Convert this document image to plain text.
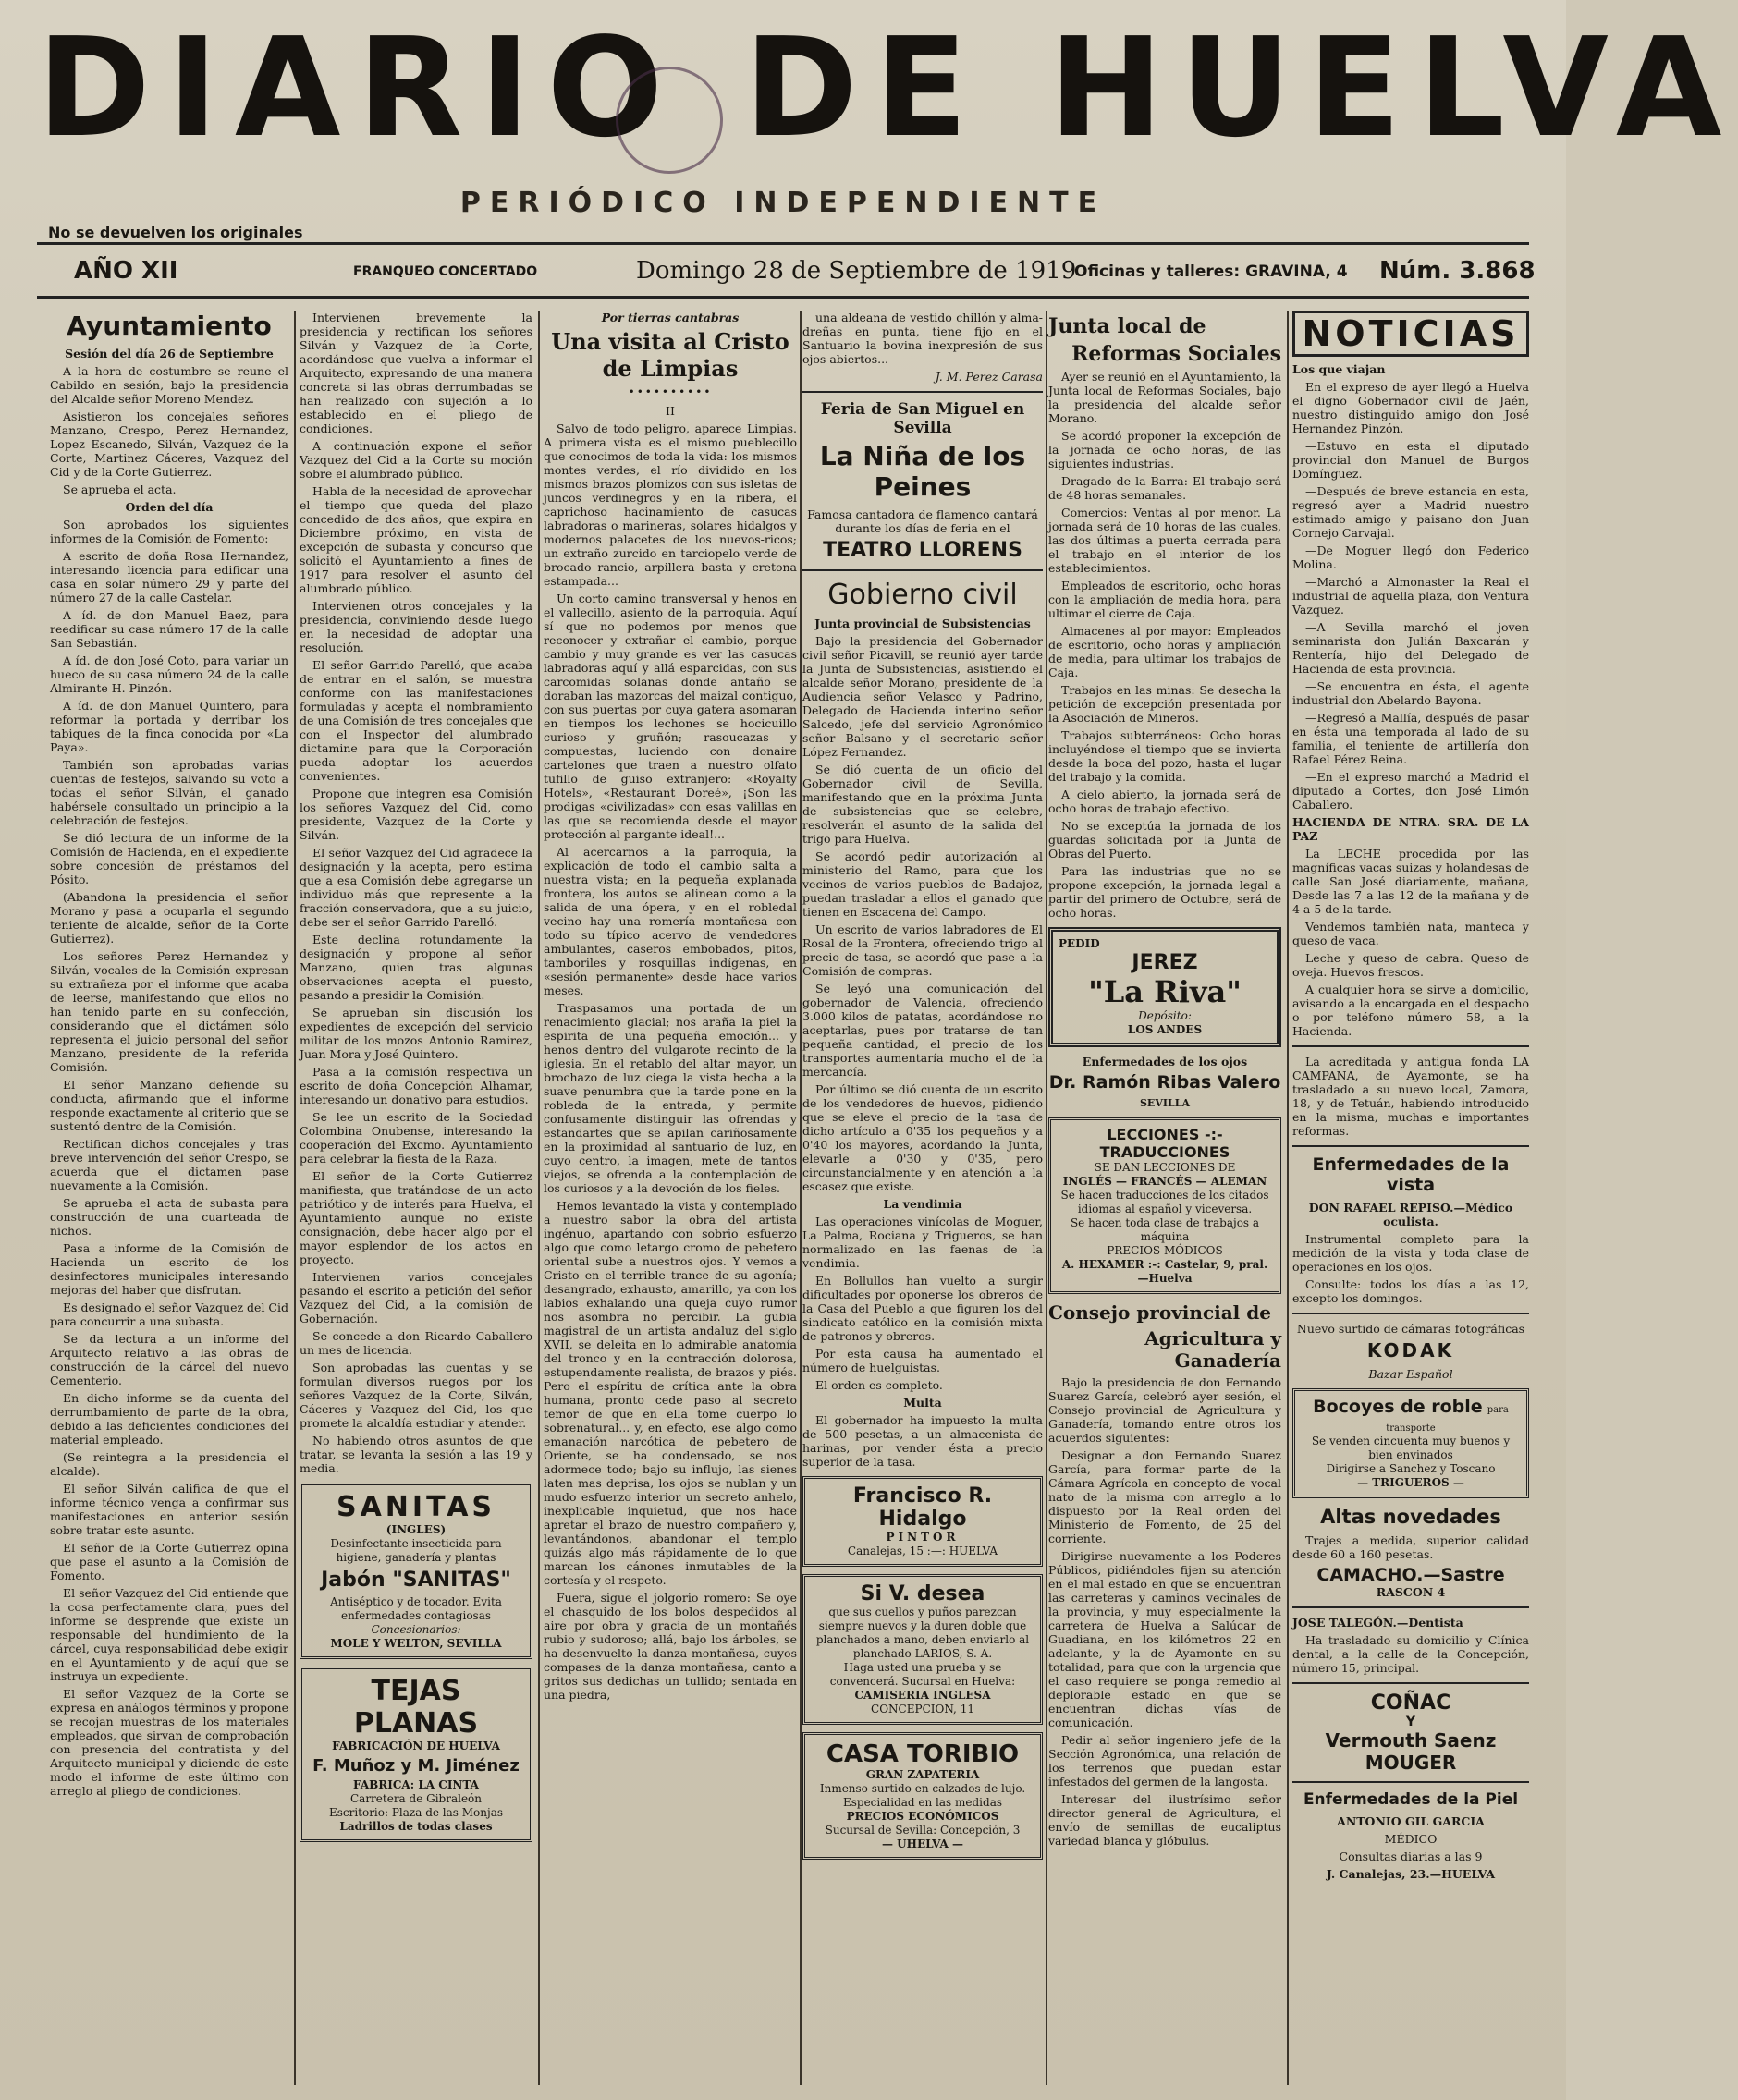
DIARIO DE HUELVA
No se devuelven los originales
PERIÓDICO INDEPENDIENTE
AÑO XII	FRANQUEO CONCERTADO	Domingo 28 de Septiembre de 1919
Oficinas y talleres: GRAVINA, 4 Núm. 3.868
Ayuntamiento

Sesión del día 26 de Septiembre

A la hora de costumbre se reune el Cabildo en sesión, bajo la presidencia del Alcalde señor Moreno Mendez.

Asistieron los concejales señores Manzano, Crespo, Perez Hernandez, Lopez Escanedo, Silván, Vazquez de la Corte, Martinez Cáceres, Vazquez del Cid y de la Corte Gutierrez.

Se aprueba el acta.

Orden del día

Son aprobados los siguientes informes de la Comisión de Fomento:

A escrito de doña Rosa Hernandez, interesando licencia para edificar una casa en solar número 29 y parte del número 27 de la calle Castelar.

A íd. de don Manuel Baez, para reedificar su casa número 17 de la calle San Sebastián.

A íd. de don José Coto, para variar un hueco de su casa número 24 de la calle Almirante H. Pinzón.

A íd. de don Manuel Quintero, para reformar la portada y derribar los tabiques de la finca conocida por «La Paya».

También son aprobadas varias cuentas de festejos, salvando su voto a todas el señor Silván, el ganado habérsele consultado un principio a la celebración de festejos.

Se dió lectura de un informe de la Comisión de Hacienda, en el expediente sobre concesión de préstamos del Pósito.

(Abandona la presidencia el señor Morano y pasa a ocuparla el segundo teniente de alcalde, señor de la Corte Gutierrez).

Los señores Perez Hernandez y Silván, vocales de la Comisión expresan su extrañeza por el informe que acaba de leerse, manifestando que ellos no han tenido parte en su confección, considerando que el dictámen sólo representa el juicio personal del señor Manzano, presidente de la referida Comisión.

El señor Manzano defiende su conducta, afirmando que el informe responde exactamente al criterio que se sustentó dentro de la Comisión.

Rectifican dichos concejales y tras breve intervención del señor Crespo, se acuerda que el dictamen pase nuevamente a la Comisión.

Se aprueba el acta de subasta para construcción de una cuarteada de nichos.

Pasa a informe de la Comisión de Hacienda un escrito de los desinfectores municipales interesando mejoras del haber que disfrutan.

Es designado el señor Vazquez del Cid para concurrir a una subasta.

Se da lectura a un informe del Arquitecto relativo a las obras de construcción de la cárcel del nuevo Cementerio.

En dicho informe se da cuenta del derrumbamiento de parte de la obra, debido a las deficientes condiciones del material empleado.

(Se reintegra a la presidencia el alcalde).

El señor Silván califica de que el informe técnico venga a confirmar sus manifestaciones en anterior sesión sobre tratar este asunto.

El señor de la Corte Gutierrez opina que pase el asunto a la Comisión de Fomento.

El señor Vazquez del Cid entiende que la cosa perfectamente clara, pues del informe se desprende que existe un responsable del hundimiento de la cárcel, cuya responsabilidad debe exigir en el Ayuntamiento y de aquí que se instruya un expediente.

El señor Vazquez de la Corte se expresa en análogos términos y propone se recojan muestras de los materiales empleados, que sirvan de comprobación con presencia del contratista y del Arquitecto municipal y diciendo de este modo el informe de este último con arreglo al pliego de condiciones.

Intervienen brevemente la presidencia y rectifican los señores Silván y Vazquez de la Corte, acordándose que vuelva a informar el Arquitecto, expresando de una manera concreta si las obras derrumbadas se han realizado con sujeción a lo establecido en el pliego de condiciones.

A continuación expone el señor Vazquez del Cid a la Corte su moción sobre el alumbrado público.

Habla de la necesidad de aprovechar el tiempo que queda del plazo concedido de dos años, que expira en Diciembre próximo, en vista de excepción de subasta y concurso que solicitó el Ayuntamiento a fines de 1917 para resolver el asunto del alumbrado público.

Intervienen otros concejales y la presidencia, conviniendo desde luego en la necesidad de adoptar una resolución.

El señor Garrido Parelló, que acaba de entrar en el salón, se muestra conforme con las manifestaciones formuladas y acepta el nombramiento de una Comisión de tres concejales que con el Inspector del alumbrado dictamine para que la Corporación pueda adoptar los acuerdos convenientes.

Propone que integren esa Comisión los señores Vazquez del Cid, como presidente, Vazquez de la Corte y Silván.

El señor Vazquez del Cid agradece la designación y la acepta, pero estima que a esa Comisión debe agregarse un individuo más que represente a la fracción conservadora, que a su juicio, debe ser el señor Garrido Parelló.

Este declina rotundamente la designación y propone al señor Manzano, quien tras algunas observaciones acepta el puesto, pasando a presidir la Comisión.

Se aprueban sin discusión los expedientes de excepción del servicio militar de los mozos Antonio Ramirez, Juan Mora y José Quintero.

Pasa a la comisión respectiva un escrito de doña Concepción Alhamar, interesando un donativo para estudios.

Se lee un escrito de la Sociedad Colombina Onubense, interesando la cooperación del Excmo. Ayuntamiento para celebrar la fiesta de la Raza.

El señor de la Corte Gutierrez manifiesta, que tratándose de un acto patriótico y de interés para Huelva, el Ayuntamiento aunque no existe consignación, debe hacer algo por el mayor esplendor de los actos en proyecto.

Intervienen varios concejales pasando el escrito a petición del señor Vazquez del Cid, a la comisión de Gobernación.

Se concede a don Ricardo Caballero un mes de licencia.

Son aprobadas las cuentas y se formulan diversos ruegos por los señores Vazquez de la Corte, Silván, Cáceres y Vazquez del Cid, los que promete la alcaldía estudiar y atender.

No habiendo otros asuntos de que tratar, se levanta la sesión a las 19 y media.

SANITAS
(INGLES)
Desinfectante insecticida para higiene, ganadería y plantas
Jabón "SANITAS"
Antiséptico y de tocador. Evita enfermedades contagiosas
Concesionarios:
MOLE Y WELTON, SEVILLA
TEJAS PLANAS
FABRICACIÓN DE HUELVA
F. Muñoz y M. Jiménez
FABRICA: LA CINTA
Carretera de Gibraleón
Escritorio: Plaza de las Monjas
Ladrillos de todas clases

Por tierras cantabras

Una visita al Cristo de Limpias
••••••••••

II

Salvo de todo peligro, aparece Limpias. A primera vista es el mismo pueblecillo que conocimos de toda la vida: los mismos montes verdes, el río dividido en los mismos brazos plomizos con sus isletas de juncos verdinegros y en la ribera, el caprichoso hacinamiento de casucas labradoras o marineras, solares hidalgos y modernos palacetes de los nuevos-ricos; un extraño zurcido en tarciopelo verde de brocado rancio, arpillera basta y cretona estampada...

Un corto camino transversal y henos en el vallecillo, asiento de la parroquia. Aquí sí que no podemos por menos que reconocer y extrañar el cambio, porque cambio y muy grande es ver las casucas labradoras aquí y allá esparcidas, con sus carcomidas solanas donde antaño se doraban las mazorcas del maizal contiguo, con sus puertas por cuya gatera asomaran en tiempos los lechones se hocicuillo curioso y gruñón; rasoucazas y compuestas, luciendo con donaire cartelones que traen a nuestro olfato tufillo de guiso extranjero: «Royalty Hotels», «Restaurant Doreé», ¡Son las prodigas «civilizadas» con esas valillas en las que se recomienda desde el mayor protección al pargante ideal!...

Al acercarnos a la parroquia, la explicación de todo el cambio salta a nuestra vista; en la pequeña explanada frontera, los autos se alinean como a la salida de una ópera, y en el robledal vecino hay una romería montañesa con todo su típico acervo de vendedores ambulantes, caseros embobados, pitos, tamboriles y rosquillas indígenas, en «sesión permanente» desde hace varios meses.

Traspasamos una portada de un renacimiento glacial; nos araña la piel la espirita de una pequeña emoción... y henos dentro del vulgarote recinto de la iglesia. En el retablo del altar mayor, un brochazo de luz ciega la vista hecha a la suave penumbra que la tarde pone en la robleda de la entrada, y permite confusamente distinguir las ofrendas y estandartes que se apilan cariñosamente en la proximidad al santuario de luz, en cuyo centro, la imagen, mete de tantos viejos, se ofrenda a la contemplación de los curiosos y a la devoción de los fieles.

Hemos levantado la vista y contemplado a nuestro sabor la obra del artista ingénuo, apartando con sobrio esfuerzo algo que como letargo cromo de pebetero oriental sube a nuestros ojos. Y vemos a Cristo en el terrible trance de su agonía; desangrado, exhausto, amarillo, ya con los labios exhalando una queja cuyo rumor nos asombra no percibir. La gubia magistral de un artista andaluz del siglo XVII, se deleita en lo admirable anatomía del tronco y en la contracción dolorosa, estupendamente realista, de brazos y piés. Pero el espíritu de crítica ante la obra humana, pronto cede paso al secreto temor de que en ella tome cuerpo lo sobrenatural... y, en efecto, ese algo como emanación narcótica de pebetero de Oriente, se ha condensado, se nos adormece todo; bajo su influjo, las sienes laten mas deprisa, los ojos se nublan y un mudo esfuerzo interior un secreto anhelo, inexplicable inquietud, que nos hace apretar el brazo de nuestro compañero y, levantándonos, abandonar el templo quizás algo más rápidamente de lo que marcan los cánones inmutables de la cortesía y el respeto.

Fuera, sigue el jolgorio romero: Se oye el chasquido de los bolos despedidos al aire por obra y gracia de un montañés rubio y sudoroso; allá, bajo los árboles, se ha desenvuelto la danza montañesa, cuyos compases de la danza montañesa, canto a gritos sus dedichas un tullido; sentada en una piedra,

una aldeana de vestido chillón y alma-dreñas en punta, tiene fijo en el Santuario la bovina inexpresión de sus ojos abiertos...

J. M. Perez Carasa

Feria de San Miguel en Sevilla
La Niña de los Peines

Famosa cantadora de flamenco cantará durante los días de feria en el

TEATRO LLORENS
Gobierno civil

Junta provincial de Subsistencias

Bajo la presidencia del Gobernador civil señor Picavill, se reunió ayer tarde la Junta de Subsistencias, asistiendo el alcalde señor Morano, presidente de la Audiencia señor Velasco y Padrino, Delegado de Hacienda interino señor Salcedo, jefe del servicio Agronómico señor Balsano y el secretario señor López Fernandez.

Se dió cuenta de un oficio del Gobernador civil de Sevilla, manifestando que en la próxima Junta de subsistencias que se celebre, resolverán el asunto de la salida del trigo para Huelva.

Se acordó pedir autorización al ministerio del Ramo, para que los vecinos de varios pueblos de Badajoz, puedan trasladar a ellos el ganado que tienen en Escacena del Campo.

Un escrito de varios labradores de El Rosal de la Frontera, ofreciendo trigo al precio de tasa, se acordó que pase a la Comisión de compras.

Se leyó una comunicación del gobernador de Valencia, ofreciendo 3.000 kilos de patatas, acordándose no aceptarlas, pues por tratarse de tan pequeña cantidad, el precio de los transportes aumentaría mucho el de la mercancía.

Por último se dió cuenta de un escrito de los vendedores de huevos, pidiendo que se eleve el precio de la tasa de dicho artículo a 0'35 los pequeños y a 0'40 los mayores, acordando la Junta, elevarle a 0'30 y 0'35, pero circunstancialmente y en atención a la escasez que existe.

La vendimia

Las operaciones vinícolas de Moguer, La Palma, Rociana y Trigueros, se han normalizado en las faenas de la vendimia.

En Bollullos han vuelto a surgir dificultades por oponerse los obreros de la Casa del Pueblo a que figuren los del sindicato católico en la comisión mixta de patronos y obreros.

Por esta causa ha aumentado el número de huelguistas.

El orden es completo.

Multa

El gobernador ha impuesto la multa de 500 pesetas, a un almacenista de harinas, por vender ésta a precio superior de la tasa.

Francisco R. Hidalgo
PINTOR
Canalejas, 15 :—: HUELVA
Si V. desea
que sus cuellos y puños parezcan siempre nuevos y la duren doble que planchados a mano, deben enviarlo al planchado LARIOS, S. A.
Haga usted una prueba y se convencerá. Sucursal en Huelva:
CAMISERIA INGLESA
CONCEPCION, 11
CASA TORIBIO
GRAN ZAPATERIA
Inmenso surtido en calzados de lujo. Especialidad en las medidas
PRECIOS ECONÓMICOS
Sucursal de Sevilla: Concepción, 3
— UHELVA —
Junta local de
Reformas Sociales

Ayer se reunió en el Ayuntamiento, la Junta local de Reformas Sociales, bajo la presidencia del alcalde señor Morano.

Se acordó proponer la excepción de la jornada de ocho horas, de las siguientes industrias.

Dragado de la Barra: El trabajo será de 48 horas semanales.

Comercios: Ventas al por menor. La jornada será de 10 horas de las cuales, las dos últimas a puerta cerrada para el trabajo en el interior de los establecimientos.

Empleados de escritorio, ocho horas con la ampliación de media hora, para ultimar el cierre de Caja.

Almacenes al por mayor: Empleados de escritorio, ocho horas y ampliación de media, para ultimar los trabajos de Caja.

Trabajos en las minas: Se desecha la petición de excepción presentada por la Asociación de Mineros.

Trabajos subterráneos: Ocho horas incluyéndose el tiempo que se invierta desde la boca del pozo, hasta el lugar del trabajo y la comida.

A cielo abierto, la jornada será de ocho horas de trabajo efectivo.

No se exceptúa la jornada de los guardas solicitada por la Junta de Obras del Puerto.

Para las industrias que no se propone excepción, la jornada legal a partir del primero de Octubre, será de ocho horas.

PEDID
JEREZ
"La Riva"
Depósito:
LOS ANDES

Enfermedades de los ojos

Dr. Ramón Ribas Valero SEVILLA
LECCIONES -:- TRADUCCIONES
SE DAN LECCIONES DE
INGLÉS — FRANCÉS — ALEMAN
Se hacen traducciones de los citados idiomas al español y viceversa.
Se hacen toda clase de trabajos a máquina
PRECIOS MÓDICOS
A. HEXAMER :-: Castelar, 9, pral.—Huelva
Consejo provincial de
Agricultura y Ganadería

Bajo la presidencia de don Fernando Suarez García, celebró ayer sesión, el Consejo provincial de Agricultura y Ganadería, tomando entre otros los acuerdos siguientes:

Designar a don Fernando Suarez García, para formar parte de la Cámara Agrícola en concepto de vocal nato de la misma con arreglo a lo dispuesto por la Real orden del Ministerio de Fomento, de 25 del corriente.

Dirigirse nuevamente a los Poderes Públicos, pidiéndoles fijen su atención en el mal estado en que se encuentran las carreteras y caminos vecinales de la provincia, y muy especialmente la carretera de Huelva a Salúcar de Guadiana, en los kilómetros 22 en adelante, y la de Ayamonte en su totalidad, para que con la urgencia que el caso requiere se ponga remedio al deplorable estado en que se encuentran dichas vías de comunicación.

Pedir al señor ingeniero jefe de la Sección Agronómica, una relación de los terrenos que puedan estar infestados del germen de la langosta.

Interesar del ilustrísimo señor director general de Agricultura, el envío de semillas de eucaliptus variedad blanca y glóbulus.

NOTICIAS

Los que viajan

En el expreso de ayer llegó a Huelva el digno Gobernador civil de Jaén, nuestro distinguido amigo don José Hernandez Pinzón.

—Estuvo en esta el diputado provincial don Manuel de Burgos Domínguez.

—Después de breve estancia en esta, regresó ayer a Madrid nuestro estimado amigo y paisano don Juan Cornejo Carvajal.

—De Moguer llegó don Federico Molina.

—Marchó a Almonaster la Real el industrial de aquella plaza, don Ventura Vazquez.

—A Sevilla marchó el joven seminarista don Julián Baxcarán y Rentería, hijo del Delegado de Hacienda de esta provincia.

—Se encuentra en ésta, el agente industrial don Abelardo Bayona.

—Regresó a Mallía, después de pasar en ésta una temporada al lado de su familia, el teniente de artillería don Rafael Pérez Reina.

—En el expreso marchó a Madrid el diputado a Cortes, don José Limón Caballero.

HACIENDA DE NTRA. SRA. DE LA PAZ

La LECHE procedida por las magníficas vacas suizas y holandesas de calle San José diariamente, mañana, Desde las 7 a las 12 de la mañana y de 4 a 5 de la tarde.

Vendemos también nata, manteca y queso de vaca.

Leche y queso de cabra. Queso de oveja. Huevos frescos.

A cualquier hora se sirve a domicilio, avisando a la encargada en el despacho o por teléfono número 58, a la Hacienda.

La acreditada y antigua fonda LA CAMPANA, de Ayamonte, se ha trasladado a su nuevo local, Zamora, 18, y de Tetuán, habiendo introducido en la misma, muchas e importantes reformas.

Enfermedades de la vista

DON RAFAEL REPISO.—Médico oculista.

Instrumental completo para la medición de la vista y toda clase de operaciones en los ojos.

Consulte: todos los días a las 12, excepto los domingos.

Nuevo surtido de cámaras fotográficas

KODAK

Bazar Español

Bocoyes de roble para transporte
Se venden cincuenta muy buenos y bien envinados
Dirigirse a Sanchez y Toscano
— TRIGUEROS —
Altas novedades

Trajes a medida, superior calidad desde 60 a 160 pesetas.

CAMACHO.—Sastre

RASCON 4

JOSE TALEGÓN.—Dentista

Ha trasladado su domicilio y Clínica dental, a la calle de la Concepción, número 15, principal.

COÑAC
Y
Vermouth Saenz
MOUGER
Enfermedades de la Piel

ANTONIO GIL GARCIA

MÉDICO

Consultas diarias a las 9

J. Canalejas, 23.—HUELVA
